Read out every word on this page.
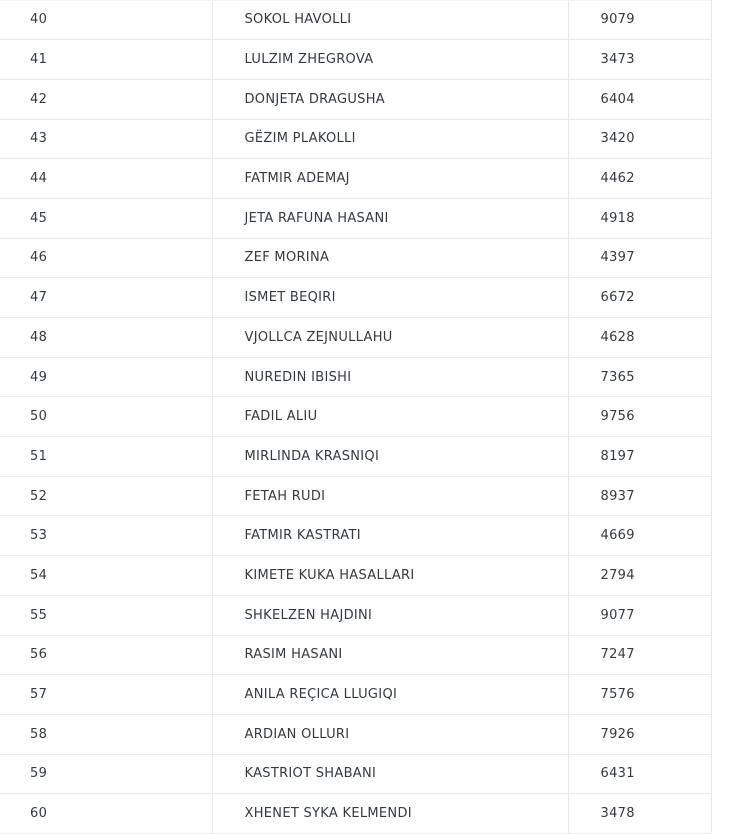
40	SOKOL HAVOLLI	9079
41	LULZIM ZHEGROVA	3473
42	DONJETA DRAGUSHA	6404
43	GËZIM PLAKOLLI	3420
44	FATMIR ADEMAJ	4462
45	JETA RAFUNA HASANI	4918
46	ZEF MORINA	4397
47	ISMET BEQIRI	6672
48	VJOLLCA ZEJNULLAHU	4628
49	NUREDIN IBISHI	7365
50	FADIL ALIU	9756
51	MIRLINDA KRASNIQI	8197
52	FETAH RUDI	8937
53	FATMIR KASTRATI	4669
54	KIMETE KUKA HASALLARI	2794
55	SHKELZEN HAJDINI	9077
56	RASIM HASANI	7247
57	ANILA REÇICA LLUGIQI	7576
58	ARDIAN OLLURI	7926
59	KASTRIOT SHABANI	6431
60	XHENET SYKA KELMENDI	3478
